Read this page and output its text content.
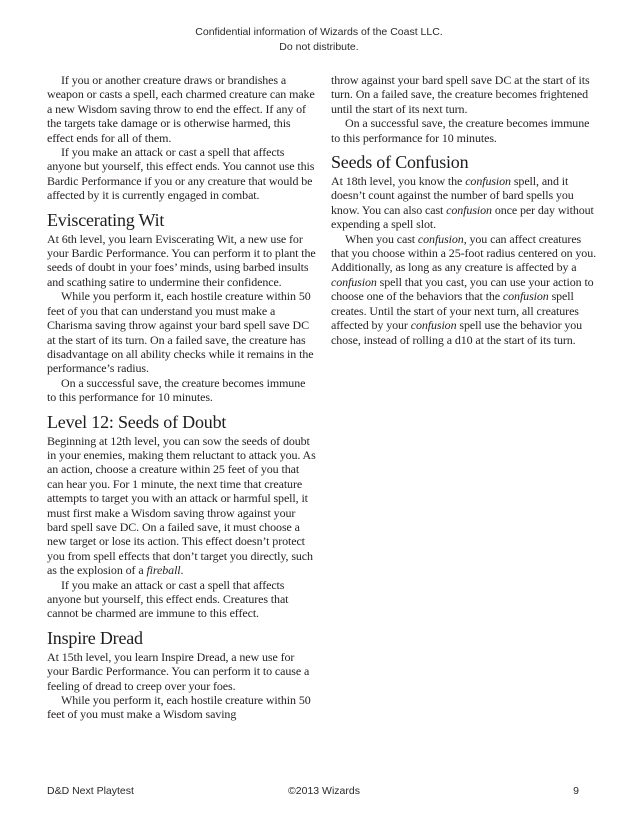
Confidential information of Wizards of the Coast LLC.
Do not distribute.

If you or another creature draws or brandishes a weapon or casts a spell, each charmed creature can make a new Wisdom saving throw to end the effect. If any of the targets take damage or is otherwise harmed, this effect ends for all of them.

If you make an attack or cast a spell that affects anyone but yourself, this effect ends. You cannot use this Bardic Performance if you or any creature that would be affected by it is currently engaged in combat.

Eviscerating Wit

At 6th level, you learn Eviscerating Wit, a new use for your Bardic Performance. You can perform it to plant the seeds of doubt in your foes’ minds, using barbed insults and scathing satire to undermine their confidence.

While you perform it, each hostile creature within 50 feet of you that can understand you must make a Charisma saving throw against your bard spell save DC at the start of its turn. On a failed save, the creature has disadvantage on all ability checks while it remains in the performance’s radius.

On a successful save, the creature becomes immune to this performance for 10 minutes.

Level 12: Seeds of Doubt

Beginning at 12th level, you can sow the seeds of doubt in your enemies, making them reluctant to attack you. As an action, choose a creature within 25 feet of you that can hear you. For 1 minute, the next time that creature attempts to target you with an attack or harmful spell, it must first make a Wisdom saving throw against your bard spell save DC. On a failed save, it must choose a new target or lose its action. This effect doesn’t protect you from spell effects that don’t target you directly, such as the explosion of a fireball.

If you make an attack or cast a spell that affects anyone but yourself, this effect ends. Creatures that cannot be charmed are immune to this effect.

Inspire Dread

At 15th level, you learn Inspire Dread, a new use for your Bardic Performance. You can perform it to cause a feeling of dread to creep over your foes.

While you perform it, each hostile creature within 50 feet of you must make a Wisdom saving

throw against your bard spell save DC at the start of its turn. On a failed save, the creature becomes frightened until the start of its next turn.

On a successful save, the creature becomes immune to this performance for 10 minutes.

Seeds of Confusion

At 18th level, you know the confusion spell, and it doesn’t count against the number of bard spells you know. You can also cast confusion once per day without expending a spell slot.

When you cast confusion, you can affect creatures that you choose within a 25-foot radius centered on you. Additionally, as long as any creature is affected by a confusion spell that you cast, you can use your action to choose one of the behaviors that the confusion spell creates. Until the start of your next turn, all creatures affected by your confusion spell use the behavior you chose, instead of rolling a d10 at the start of its turn.

D&D Next Playtest	©2013 Wizards	9
